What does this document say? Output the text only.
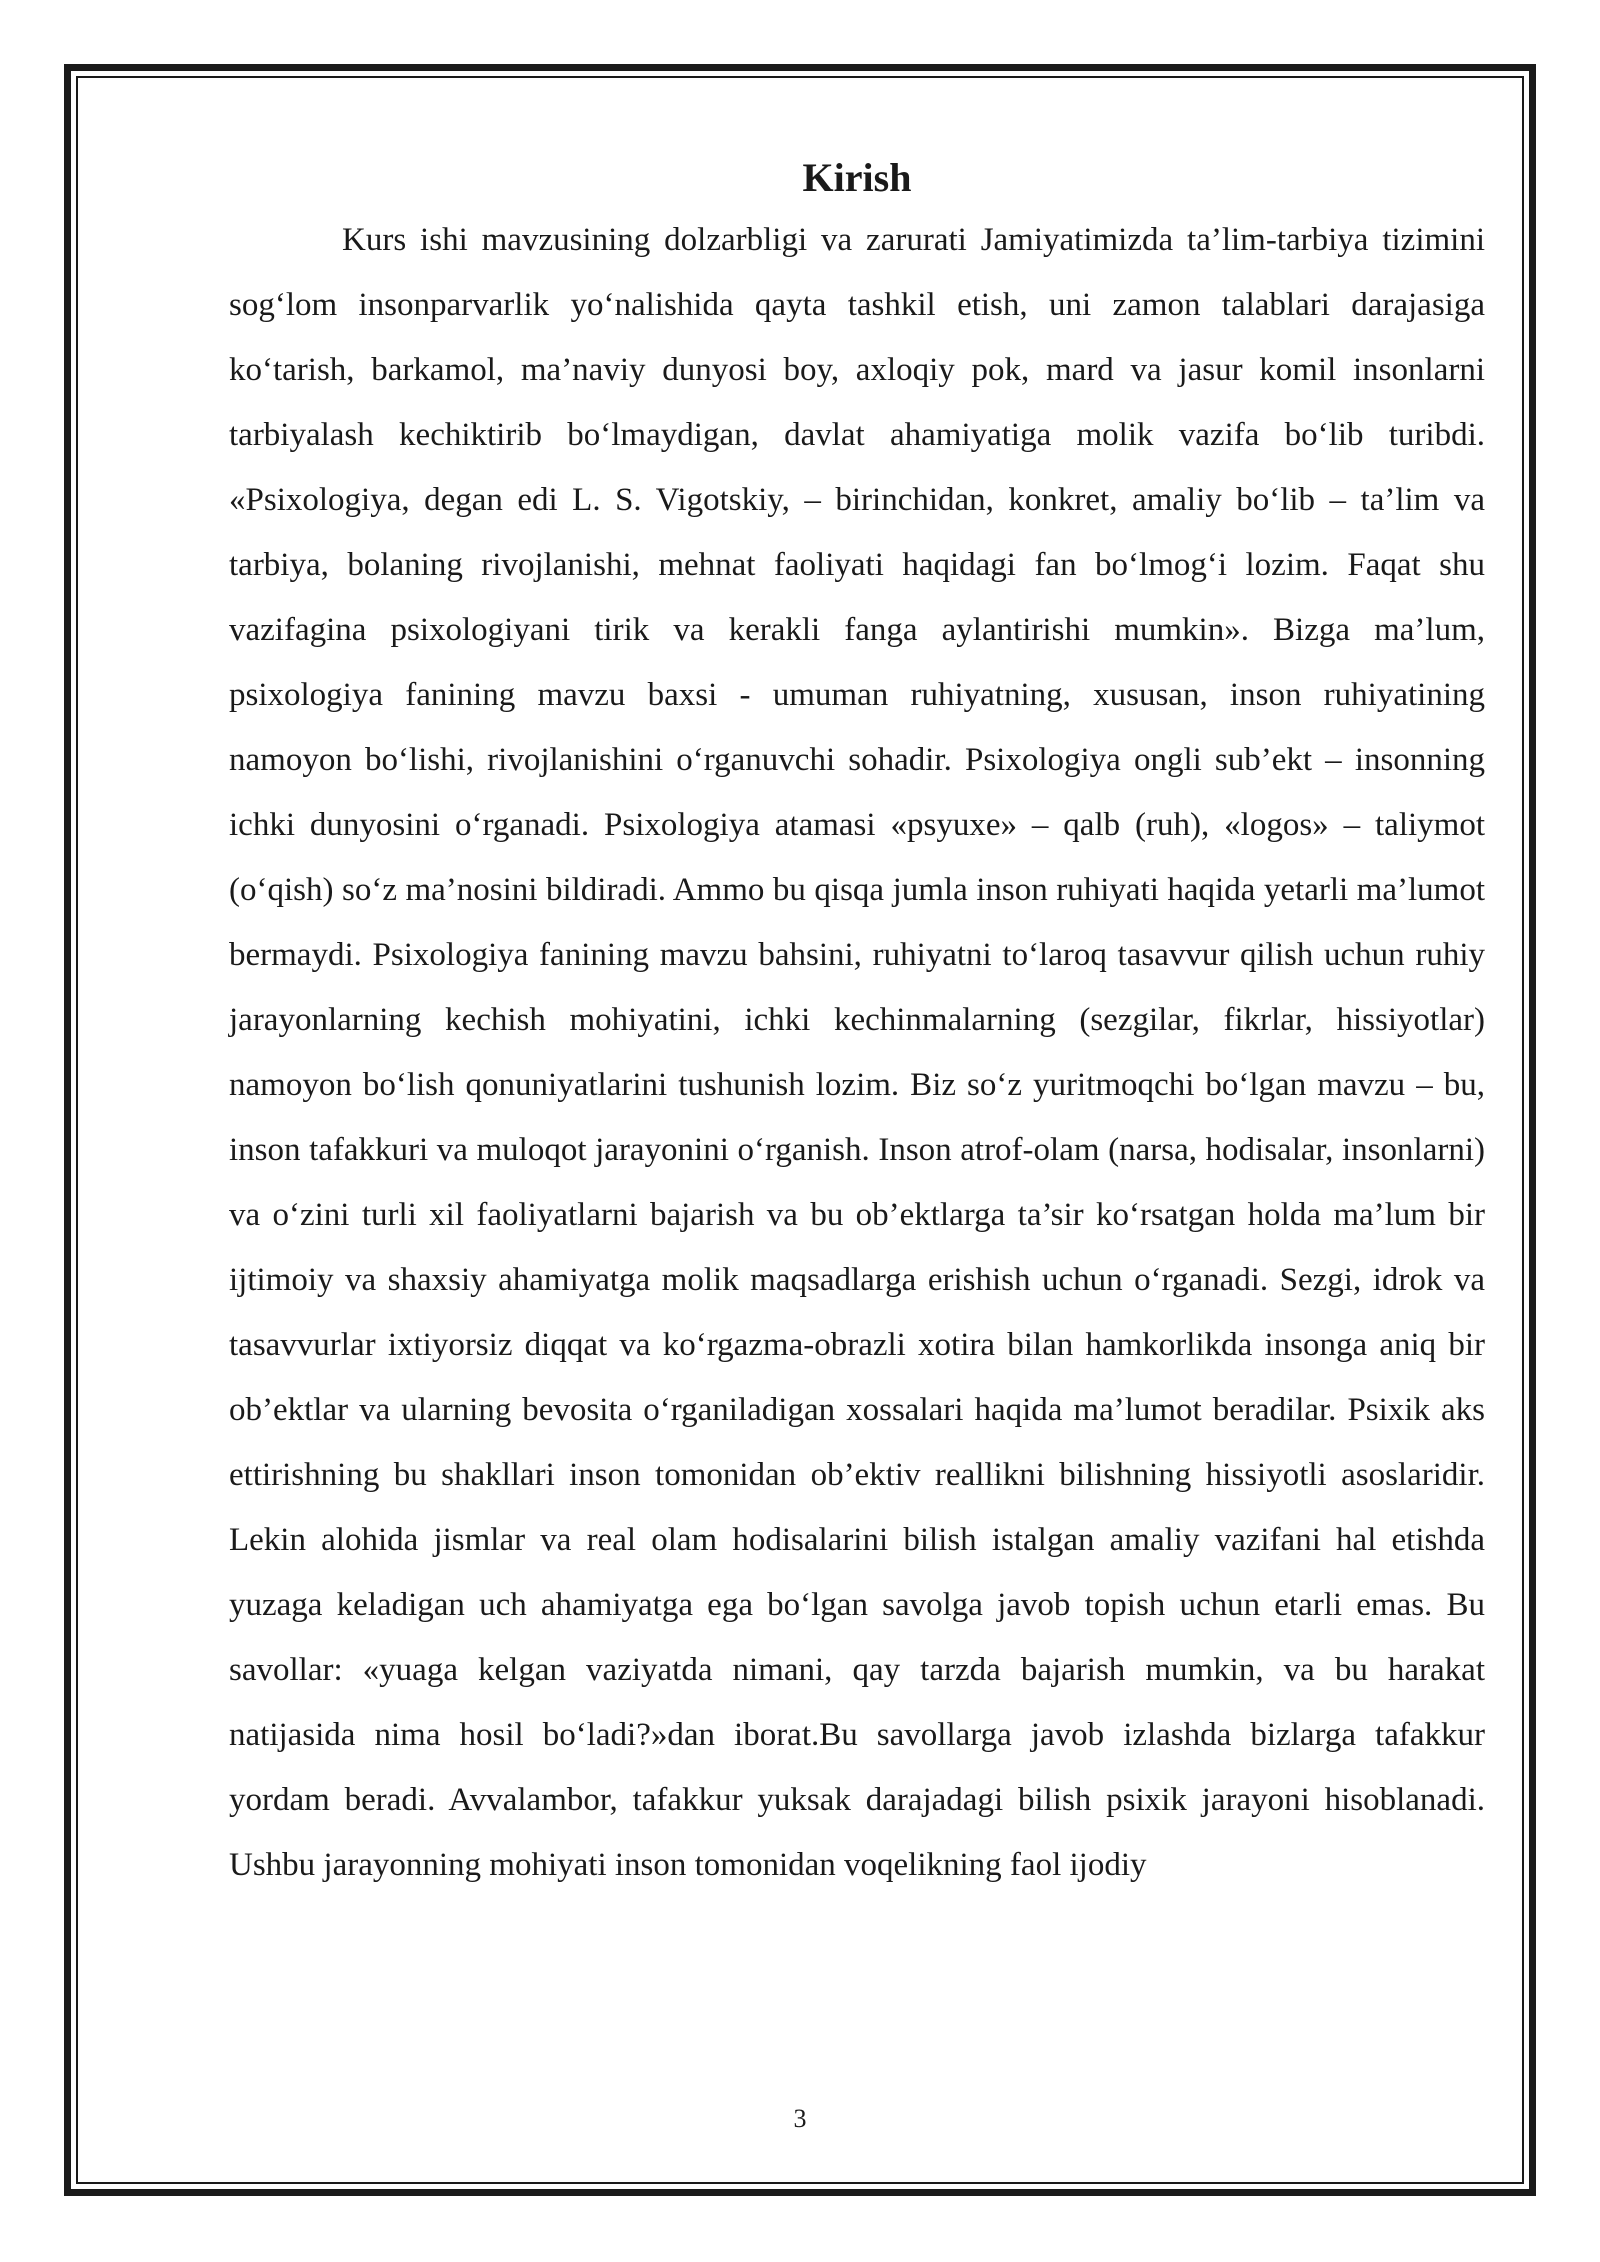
Kirish

Kurs ishi mavzusining dolzarbligi va zarurati Jamiyatimizda ta’lim-tarbiya tizimini sog‘lom insonparvarlik yo‘nalishida qayta tashkil etish, uni zamon talablari darajasiga ko‘tarish, barkamol, ma’naviy dunyosi boy, axloqiy pok, mard va jasur komil insonlarni tarbiyalash kechiktirib bo‘lmaydigan, davlat ahamiyatiga molik vazifa bo‘lib turibdi. «Psixologiya, degan edi L. S. Vigotskiy, – birinchidan, konkret, amaliy bo‘lib – ta’lim va tarbiya, bolaning rivojlanishi, mehnat faoliyati haqidagi fan bo‘lmog‘i lozim. Faqat shu vazifagina psixologiyani tirik va kerakli fanga aylantirishi mumkin». Bizga ma’lum, psixologiya fanining mavzu baxsi - umuman ruhiyatning, xususan, inson ruhiyatining namoyon bo‘lishi, rivojlanishini o‘rganuvchi sohadir. Psixologiya ongli sub’ekt – insonning ichki dunyosini o‘rganadi. Psixologiya atamasi «psyuxe» – qalb (ruh), «logos» – taliymot (o‘qish) so‘z ma’nosini bildiradi. Ammo bu qisqa jumla inson ruhiyati haqida yetarli ma’lumot bermaydi. Psixologiya fanining mavzu bahsini, ruhiyatni to‘laroq tasavvur qilish uchun ruhiy jarayonlarning kechish mohiyatini, ichki kechinmalarning (sezgilar, fikrlar, hissiyotlar) namoyon bo‘lish qonuniyatlarini tushunish lozim. Biz so‘z yuritmoqchi bo‘lgan mavzu – bu, inson tafakkuri va muloqot jarayonini o‘rganish. Inson atrof-olam (narsa, hodisalar, insonlarni) va o‘zini turli xil faoliyatlarni bajarish va bu ob’ektlarga ta’sir ko‘rsatgan holda ma’lum bir ijtimoiy va shaxsiy ahamiyatga molik maqsadlarga erishish uchun o‘rganadi. Sezgi, idrok va tasavvurlar ixtiyorsiz diqqat va ko‘rgazma-obrazli xotira bilan hamkorlikda insonga aniq bir ob’ektlar va ularning bevosita o‘rganiladigan xossalari haqida ma’lumot beradilar. Psixik aks ettirishning bu shakllari inson tomonidan ob’ektiv reallikni bilishning hissiyotli asoslaridir. Lekin alohida jismlar va real olam hodisalarini bilish istalgan amaliy vazifani hal etishda yuzaga keladigan uch ahamiyatga ega bo‘lgan savolga javob topish uchun etarli emas. Bu savollar: «yuaga kelgan vaziyatda nimani, qay tarzda bajarish mumkin, va bu harakat natijasida nima hosil bo‘ladi?»dan iborat.Bu savollarga javob izlashda bizlarga tafakkur yordam beradi. Avvalambor, tafakkur yuksak darajadagi bilish psixik jarayoni hisoblanadi. Ushbu jarayonning mohiyati inson tomonidan voqelikning faol ijodiy

3
